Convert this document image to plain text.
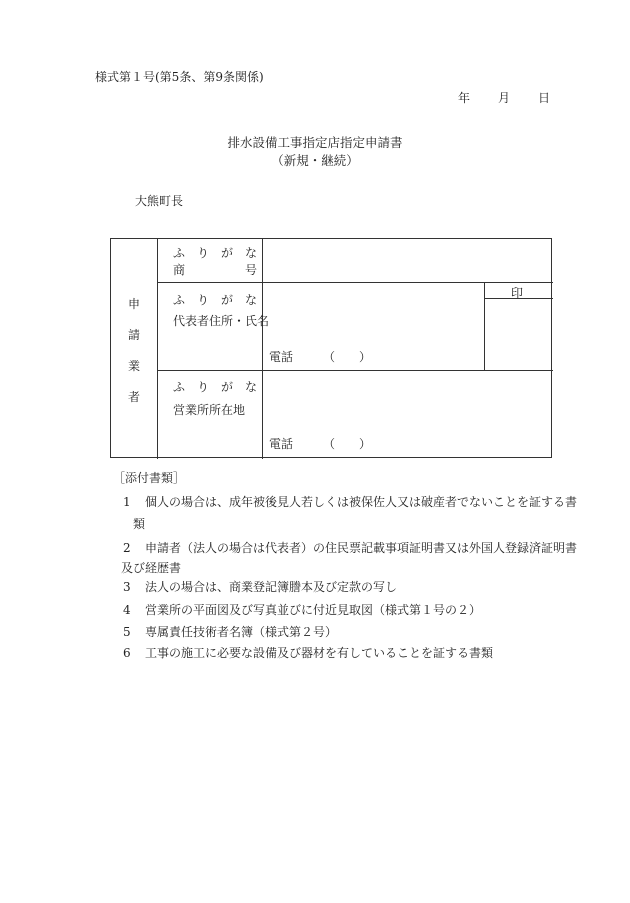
様式第１号(第5条、第9条関係)
年 月 日
排水設備工事指定店指定申請書
（新規・継続）
大熊町長
申
請
業
者
ふ　り　が　な
商　　　　　号
ふ　り　が　な
代表者住所・氏名
電話　　　（　　）
印
ふ　り　が　な
営業所所在地
電話　　　（　　）
［添付書類］
1 個人の場合は、成年被後見人若しくは被保佐人又は破産者でないことを証する書
類
2 申請者（法人の場合は代表者）の住民票記載事項証明書又は外国人登録済証明書
及び経歴書
3 法人の場合は、商業登記簿謄本及び定款の写し
4 営業所の平面図及び写真並びに付近見取図（様式第１号の２）
5 専属責任技術者名簿（様式第２号）
6 工事の施工に必要な設備及び器材を有していることを証する書類
